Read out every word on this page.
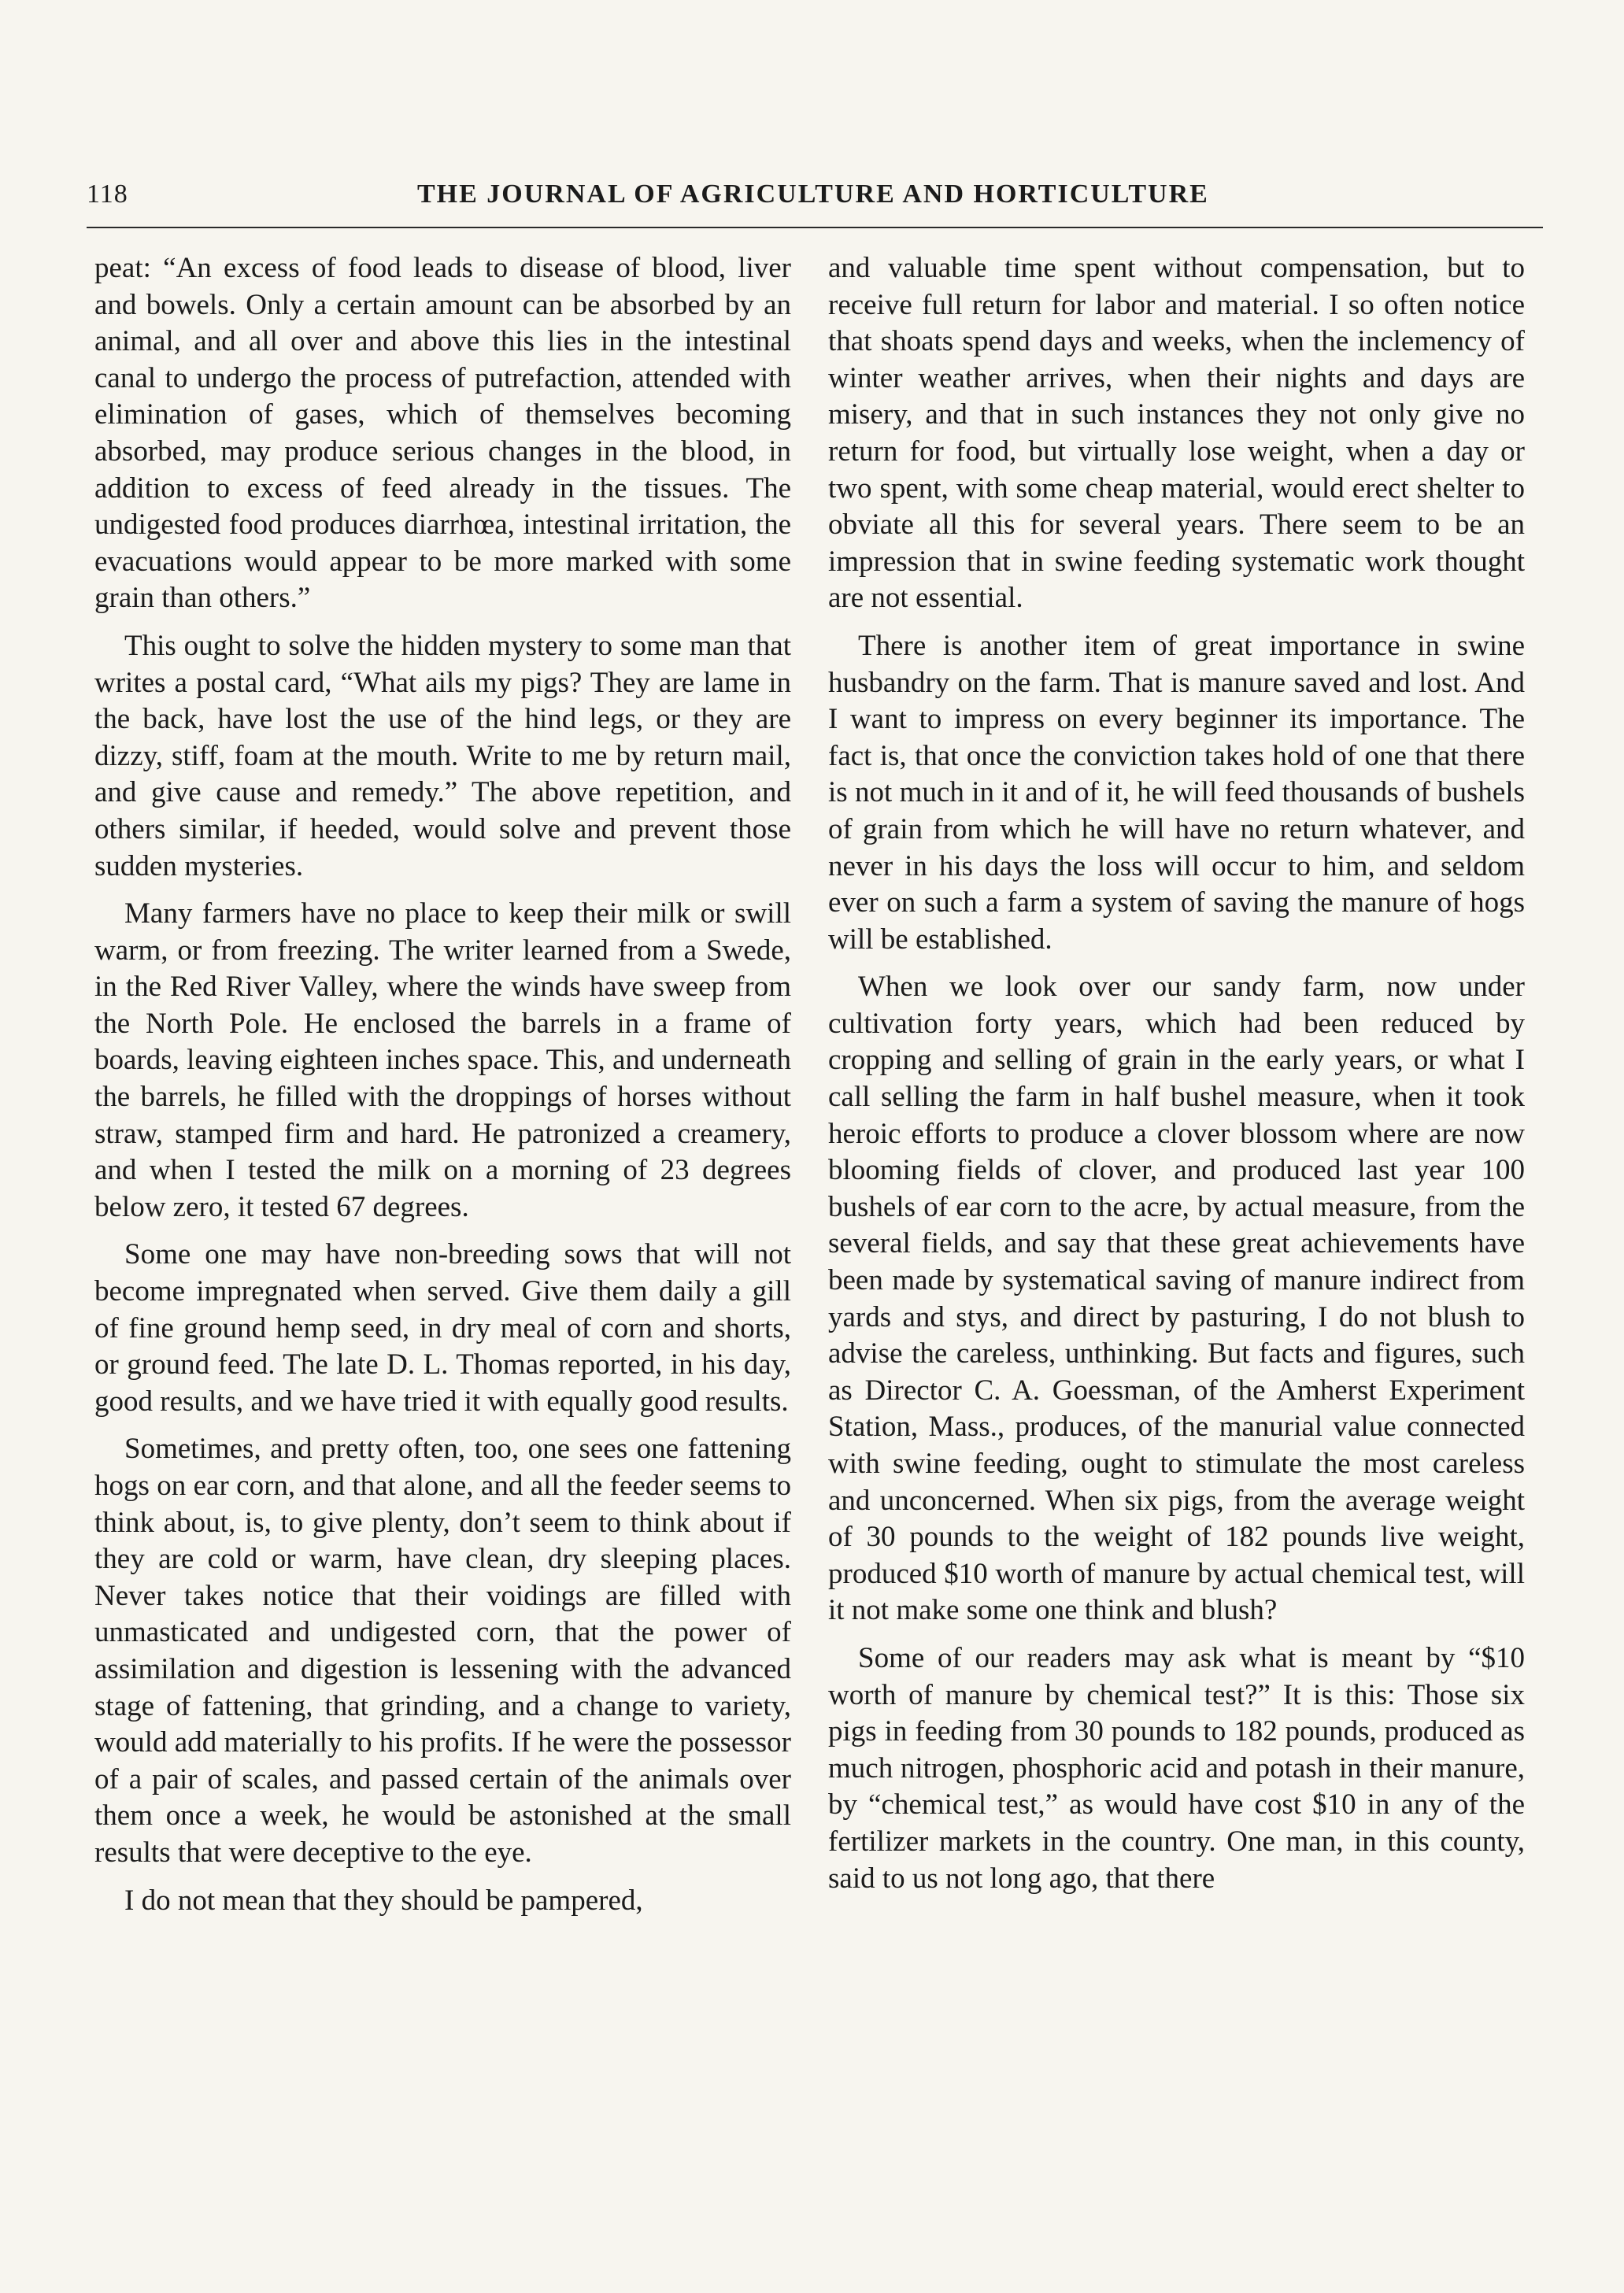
118	THE JOURNAL OF AGRICULTURE AND HORTICULTURE

peat: “An excess of food leads to disease of blood, liver and bowels. Only a certain amount can be absorbed by an animal, and all over and above this lies in the intestinal canal to undergo the process of putrefaction, attended with elimination of gases, which of themselves becoming absorbed, may produce serious changes in the blood, in addition to excess of feed already in the tissues. The undigested food produces diarrhœa, intestinal irritation, the evacuations would appear to be more marked with some grain than others.”

This ought to solve the hidden mystery to some man that writes a postal card, “What ails my pigs? They are lame in the back, have lost the use of the hind legs, or they are dizzy, stiff, foam at the mouth. Write to me by return mail, and give cause and remedy.” The above repetition, and others similar, if heeded, would solve and prevent those sudden mysteries.

Many farmers have no place to keep their milk or swill warm, or from freezing. The writer learned from a Swede, in the Red River Valley, where the winds have sweep from the North Pole. He enclosed the barrels in a frame of boards, leaving eighteen inches space. This, and underneath the barrels, he filled with the droppings of horses without straw, stamped firm and hard. He patronized a creamery, and when I tested the milk on a morning of 23 degrees below zero, it tested 67 degrees.

Some one may have non-breeding sows that will not become impregnated when served. Give them daily a gill of fine ground hemp seed, in dry meal of corn and shorts, or ground feed. The late D. L. Thomas reported, in his day, good results, and we have tried it with equally good results.

Sometimes, and pretty often, too, one sees one fattening hogs on ear corn, and that alone, and all the feeder seems to think about, is, to give plenty, don’t seem to think about if they are cold or warm, have clean, dry sleeping places. Never takes notice that their voidings are filled with unmasticated and undigested corn, that the power of assimilation and digestion is lessening with the advanced stage of fattening, that grinding, and a change to variety, would add materially to his profits. If he were the possessor of a pair of scales, and passed certain of the animals over them once a week, he would be astonished at the small results that were deceptive to the eye.

I do not mean that they should be pampered,

and valuable time spent without compensation, but to receive full return for labor and material. I so often notice that shoats spend days and weeks, when the inclemency of winter weather arrives, when their nights and days are misery, and that in such instances they not only give no return for food, but virtually lose weight, when a day or two spent, with some cheap material, would erect shelter to obviate all this for several years. There seem to be an impression that in swine feeding systematic work thought are not essential.

There is another item of great importance in swine husbandry on the farm. That is manure saved and lost. And I want to impress on every beginner its importance. The fact is, that once the conviction takes hold of one that there is not much in it and of it, he will feed thousands of bushels of grain from which he will have no return whatever, and never in his days the loss will occur to him, and seldom ever on such a farm a system of saving the manure of hogs will be established.

When we look over our sandy farm, now under cultivation forty years, which had been reduced by cropping and selling of grain in the early years, or what I call selling the farm in half bushel measure, when it took heroic efforts to produce a clover blossom where are now blooming fields of clover, and produced last year 100 bushels of ear corn to the acre, by actual measure, from the several fields, and say that these great achievements have been made by systematical saving of manure indirect from yards and stys, and direct by pasturing, I do not blush to advise the careless, unthinking. But facts and figures, such as Director C. A. Goessman, of the Amherst Experiment Station, Mass., produces, of the manurial value connected with swine feeding, ought to stimulate the most careless and unconcerned. When six pigs, from the average weight of 30 pounds to the weight of 182 pounds live weight, produced $10 worth of manure by actual chemical test, will it not make some one think and blush?

Some of our readers may ask what is meant by “$10 worth of manure by chemical test?” It is this: Those six pigs in feeding from 30 pounds to 182 pounds, produced as much nitrogen, phosphoric acid and potash in their manure, by “chemical test,” as would have cost $10 in any of the fertilizer markets in the country. One man, in this county, said to us not long ago, that there
